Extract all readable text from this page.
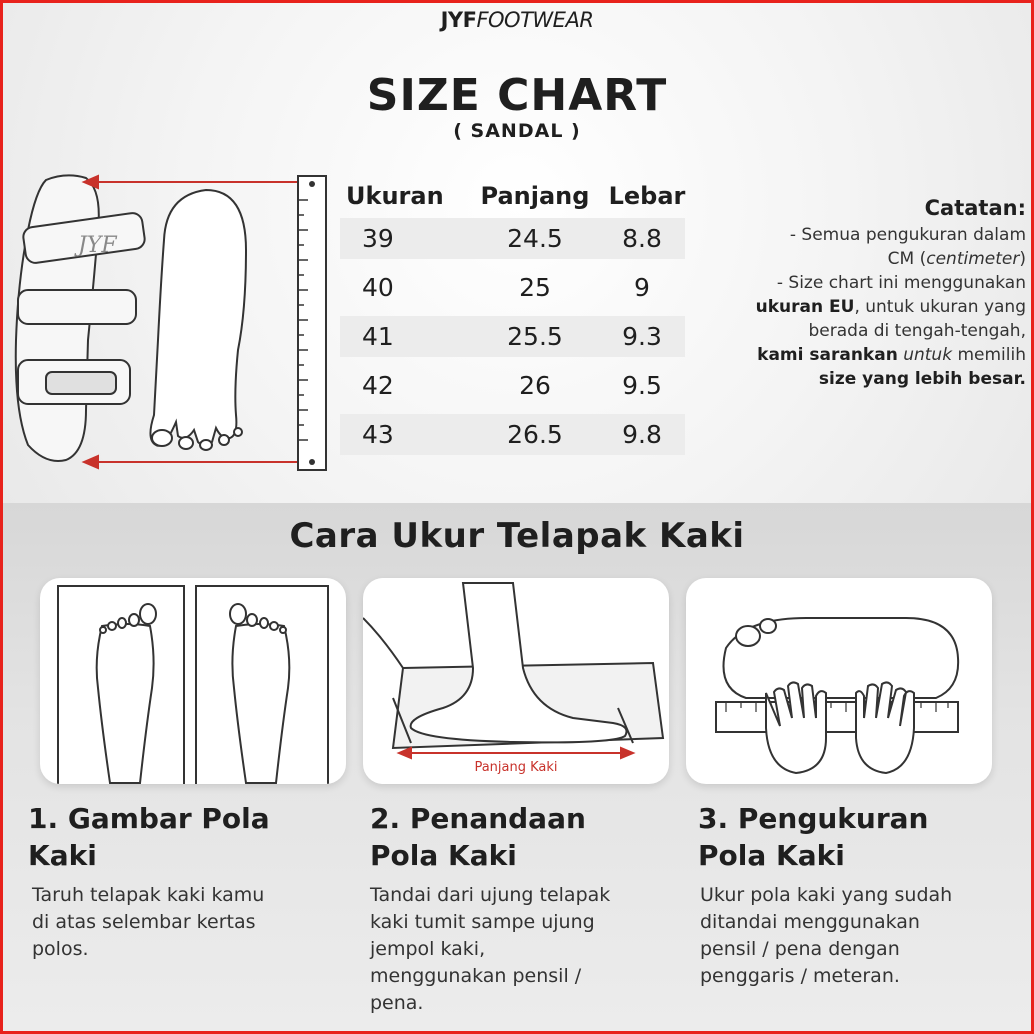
JYFFOOTWEAR
SIZE CHART
( SANDAL )
JYF
Ukuran	Panjang Lebar
39	24.5	8.8
40	25	9
41	25.5	9.3
42	26	9.5
43	26.5	9.8
Catatan:
- Semua pengukuran dalam
CM (centimeter)
- Size chart ini menggunakan
ukuran EU, untuk ukuran yang
berada di tengah-tengah,
kami sarankan untuk memilih
size yang lebih besar.
Cara Ukur Telapak Kaki
Panjang Kaki
1. Gambar Pola
Kaki
Taruh telapak kaki kamu
di atas selembar kertas
polos.
2. Penandaan
Pola Kaki
Tandai dari ujung telapak
kaki tumit sampe ujung
jempol kaki,
menggunakan pensil /
pena.
3. Pengukuran
Pola Kaki
Ukur pola kaki yang sudah
ditandai menggunakan
pensil / pena dengan
penggaris / meteran.
